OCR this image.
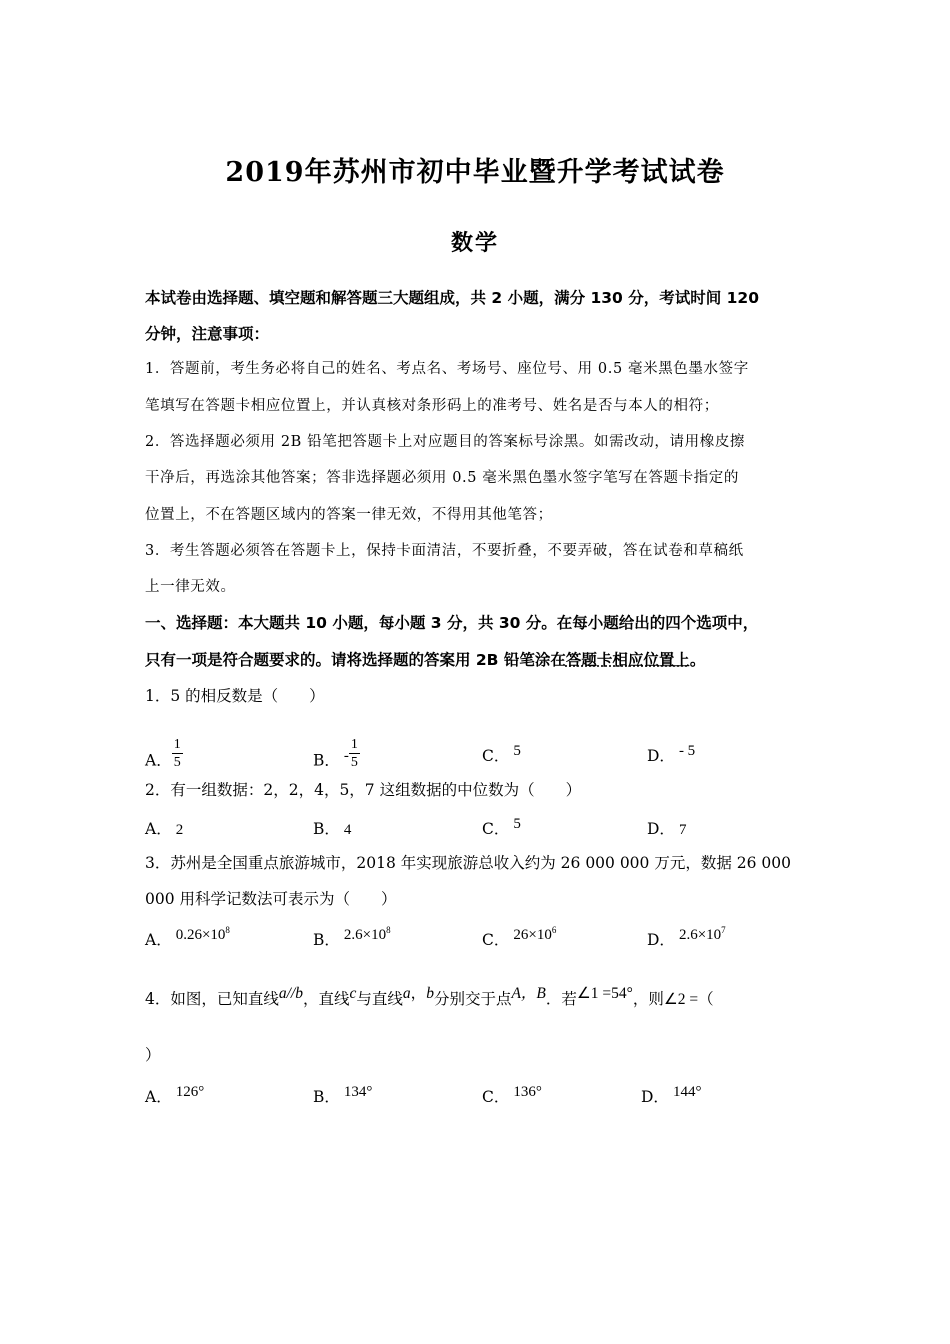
2019年苏州市初中毕业暨升学考试试卷
数学
本试卷由选择题、填空题和解答题三大题组成，共 2 小题，满分 130 分，考试时间 120
分钟，注意事项：
1．答题前，考生务必将自己的姓名、考点名、考场号、座位号、用 0.5 毫米黑色墨水签字
笔填写在答题卡相应位置上，并认真核对条形码上的准考号、姓名是否与本人的相符；
2．答选择题必须用 2B 铅笔把答题卡上对应题目的答案标号涂黑。如需改动，请用橡皮擦
干净后，再选涂其他答案；答非选择题必须用 0.5 毫米黑色墨水签字笔写在答题卡指定的
位置上，不在答题区域内的答案一律无效，不得用其他笔答；
3．考生答题必须答在答题卡上，保持卡面清洁，不要折叠，不要弄破，答在试卷和草稿纸
上一律无效。
一、选择题：本大题共 10 小题，每小题 3 分，共 30 分。在每小题给出的四个选项中，
只有一项是符合题要求的。请将选择题的答案用 2B 铅笔涂在答题卡相应位置上。
1．5 的相反数是（　　）
A． $\frac{1}{5}$	B． - $\frac{1}{5}$	C． 5	D． - 5
2．有一组数据：2，2，4，5，7 这组数据的中位数为（　　）
A． 2	B． 4	C． 5	D． 7
3．苏州是全国重点旅游城市，2018 年实现旅游总收入约为 26 000 000 万元，数据 26 000
000 用科学记数法可表示为（　　）
A． $0.26\times 10^8$
B． $2.6\times 10^8$
C． $26\times 10^6$
D． $2.6\times 10^7$
4．如图，已知直线a//b，直线c与直线a，b分别交于点A，B．若∠1 =54°，则∠2 =（
）
A． 126°	B． 134°	C． 136°	D． 144°
